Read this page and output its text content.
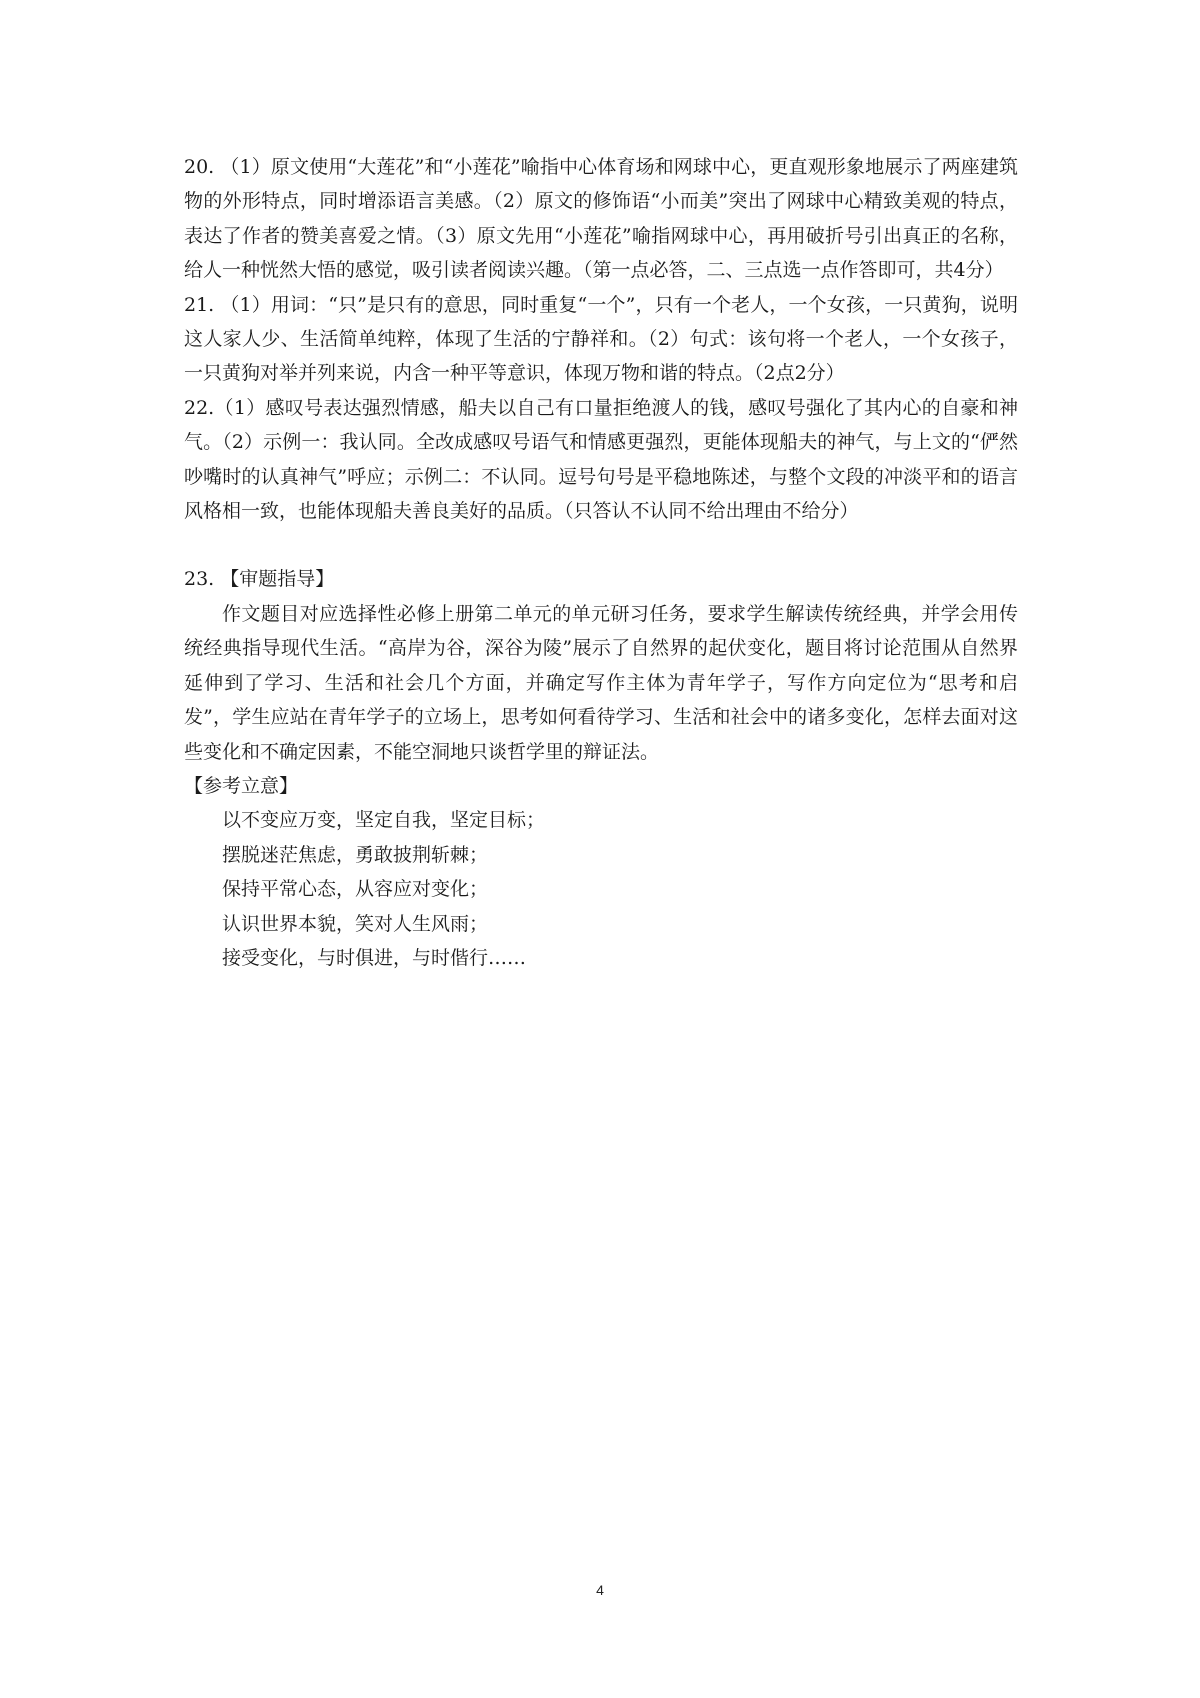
20. （1）原文使用“大莲花”和“小莲花”喻指中心体育场和网球中心，更直观形象地展示了两座建筑物的外形特点，同时增添语言美感。（2）原文的修饰语“小而美”突出了网球中心精致美观的特点，表达了作者的赞美喜爱之情。（3）原文先用“小莲花”喻指网球中心，再用破折号引出真正的名称，给人一种恍然大悟的感觉，吸引读者阅读兴趣。（第一点必答，二、三点选一点作答即可，共4分）

21. （1）用词：“只”是只有的意思，同时重复“一个”，只有一个老人，一个女孩，一只黄狗，说明这人家人少、生活简单纯粹，体现了生活的宁静祥和。（2）句式：该句将一个老人，一个女孩子，一只黄狗对举并列来说，内含一种平等意识，体现万物和谐的特点。（2点2分）

22.（1）感叹号表达强烈情感，船夫以自己有口量拒绝渡人的钱，感叹号强化了其内心的自豪和神气。（2）示例一：我认同。全改成感叹号语气和情感更强烈，更能体现船夫的神气，与上文的“俨然吵嘴时的认真神气”呼应；示例二：不认同。逗号句号是平稳地陈述，与整个文段的冲淡平和的语言风格相一致，也能体现船夫善良美好的品质。（只答认不认同不给出理由不给分）

23. 【审题指导】

作文题目对应选择性必修上册第二单元的单元研习任务，要求学生解读传统经典，并学会用传统经典指导现代生活。“高岸为谷，深谷为陵”展示了自然界的起伏变化，题目将讨论范围从自然界延伸到了学习、生活和社会几个方面，并确定写作主体为青年学子，写作方向定位为“思考和启发”，学生应站在青年学子的立场上，思考如何看待学习、生活和社会中的诸多变化，怎样去面对这些变化和不确定因素，不能空洞地只谈哲学里的辩证法。

【参考立意】

以不变应万变，坚定自我，坚定目标；

摆脱迷茫焦虑，勇敢披荆斩棘；

保持平常心态，从容应对变化；

认识世界本貌，笑对人生风雨；

接受变化，与时俱进，与时偕行……

4
